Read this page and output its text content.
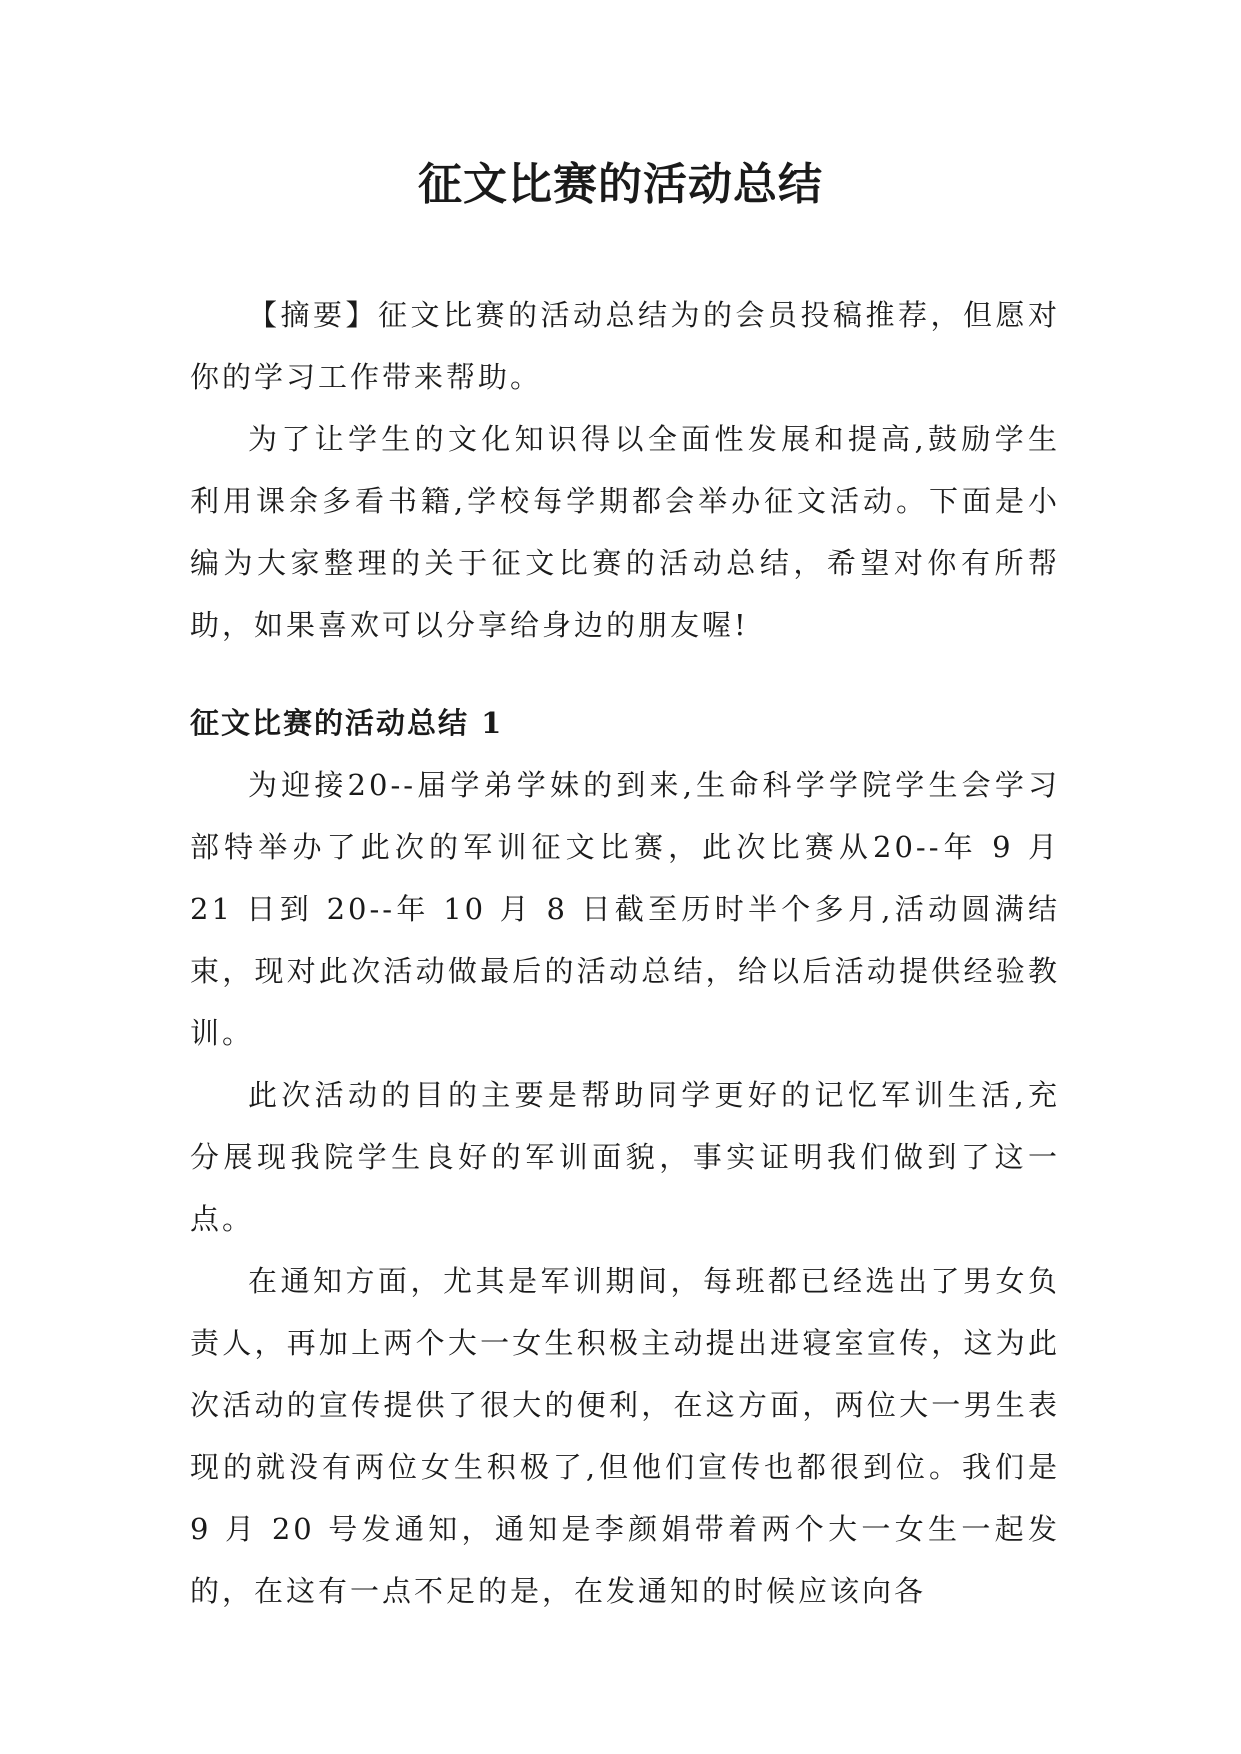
征文比赛的活动总结

【摘要】征文比赛的活动总结为的会员投稿推荐，但愿对你的学习工作带来帮助。

为了让学生的文化知识得以全面性发展和提高,鼓励学生利用课余多看书籍,学校每学期都会举办征文活动。下面是小编为大家整理的关于征文比赛的活动总结，希望对你有所帮助，如果喜欢可以分享给身边的朋友喔!

征文比赛的活动总结 1

为迎接20--届学弟学妹的到来,生命科学学院学生会学习部特举办了此次的军训征文比赛，此次比赛从20--年 9 月 21 日到 20--年 10 月 8 日截至历时半个多月,活动圆满结束，现对此次活动做最后的活动总结，给以后活动提供经验教训。

此次活动的目的主要是帮助同学更好的记忆军训生活,充分展现我院学生良好的军训面貌，事实证明我们做到了这一点。

在通知方面，尤其是军训期间，每班都已经选出了男女负责人，再加上两个大一女生积极主动提出进寝室宣传，这为此次活动的宣传提供了很大的便利，在这方面，两位大一男生表现的就没有两位女生积极了,但他们宣传也都很到位。我们是 9 月 20 号发通知，通知是李颜娟带着两个大一女生一起发的，在这有一点不足的是，在发通知的时候应该向各
